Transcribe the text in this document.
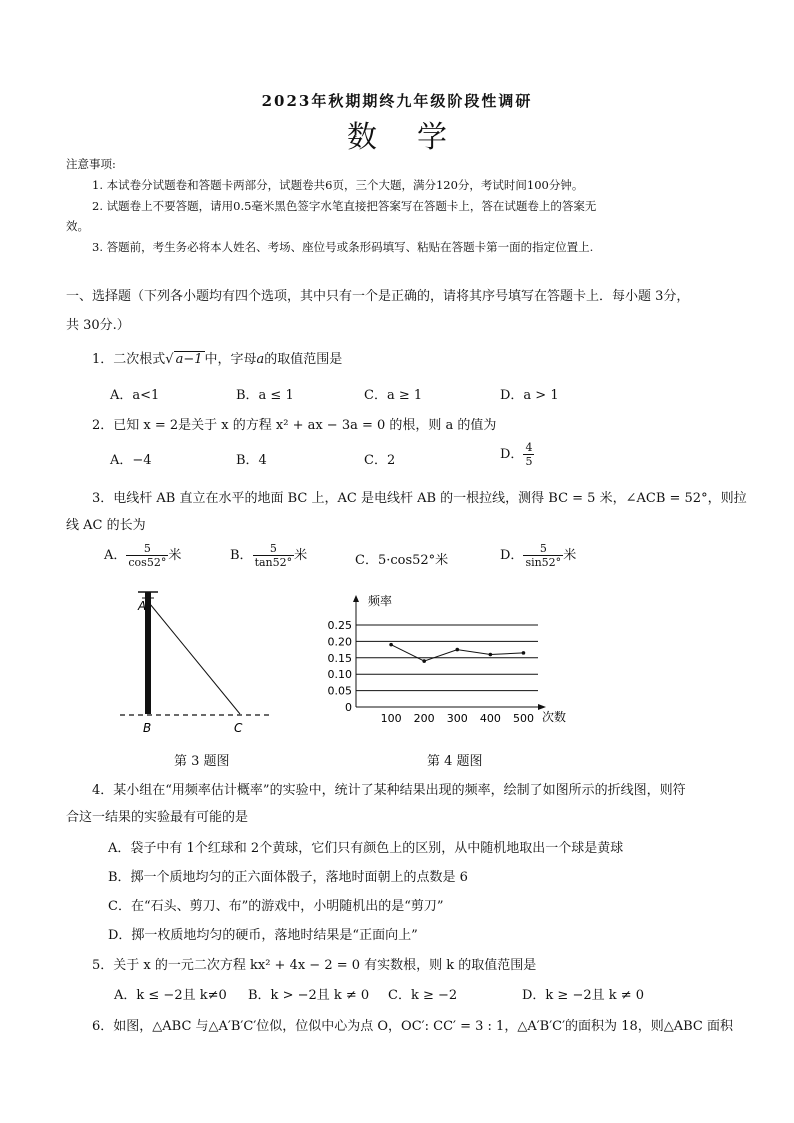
2023年秋期期终九年级阶段性调研
数学
注意事项:
1. 本试卷分试题卷和答题卡两部分，试题卷共6页，三个大题，满分120分，考试时间100分钟。
2. 试题卷上不要答题，请用0.5毫米黑色签字水笔直接把答案写在答题卡上，答在试题卷上的答案无
效。
3. 答题前，考生务必将本人姓名、考场、座位号或条形码填写、粘贴在答题卡第一面的指定位置上.
一、选择题（下列各小题均有四个选项，其中只有一个是正确的，请将其序号填写在答题卡上．每小题 3分，
共 30分.）
1．二次根式√ a−1 中，字母a的取值范围是
A．a<1	B．a ≤ 1	C．a ≥ 1	D．a > 1
2．已知 x = 2是关于 x 的方程 x² + ax − 3a = 0 的根，则 a 的值为
A．−4	B．4	C．2	D． $\frac{4}{5}$
3．电线杆 AB 直立在水平的地面 BC 上，AC 是电线杆 AB 的一根拉线，测得 BC = 5 米，∠ACB = 52°，则拉
线 AC 的长为
A． $\frac{5}{\cos 52^\circ}$ 米	B． $\frac{5}{\tan 52^\circ}$ 米	C．5·cos52°米	D． $\frac{5}{\sin 52^\circ}$ 米
A
B	C
第 3 题图
0.25
0.20
0.15
0.10
0.05
0
100 200 300 400 500
频率
次数
第 4 题图
4．某小组在“用频率估计概率”的实验中，统计了某种结果出现的频率，绘制了如图所示的折线图，则符
合这一结果的实验最有可能的是
A．袋子中有 1个红球和 2个黄球，它们只有颜色上的区别，从中随机地取出一个球是黄球
B．掷一个质地均匀的正六面体骰子，落地时面朝上的点数是 6
C．在“石头、剪刀、布”的游戏中，小明随机出的是“剪刀”
D．掷一枚质地均匀的硬币，落地时结果是“正面向上”
5．关于 x 的一元二次方程 kx² + 4x − 2 = 0 有实数根，则 k 的取值范围是
A．k ≤ −2且 k≠0 B．k > −2且 k ≠ 0 C．k ≥ −2	D．k ≥ −2且 k ≠ 0
6．如图，△ABC 与△A′B′C′位似，位似中心为点 O，OC′: CC′ = 3 : 1，△A′B′C′的面积为 18，则△ABC 面积
